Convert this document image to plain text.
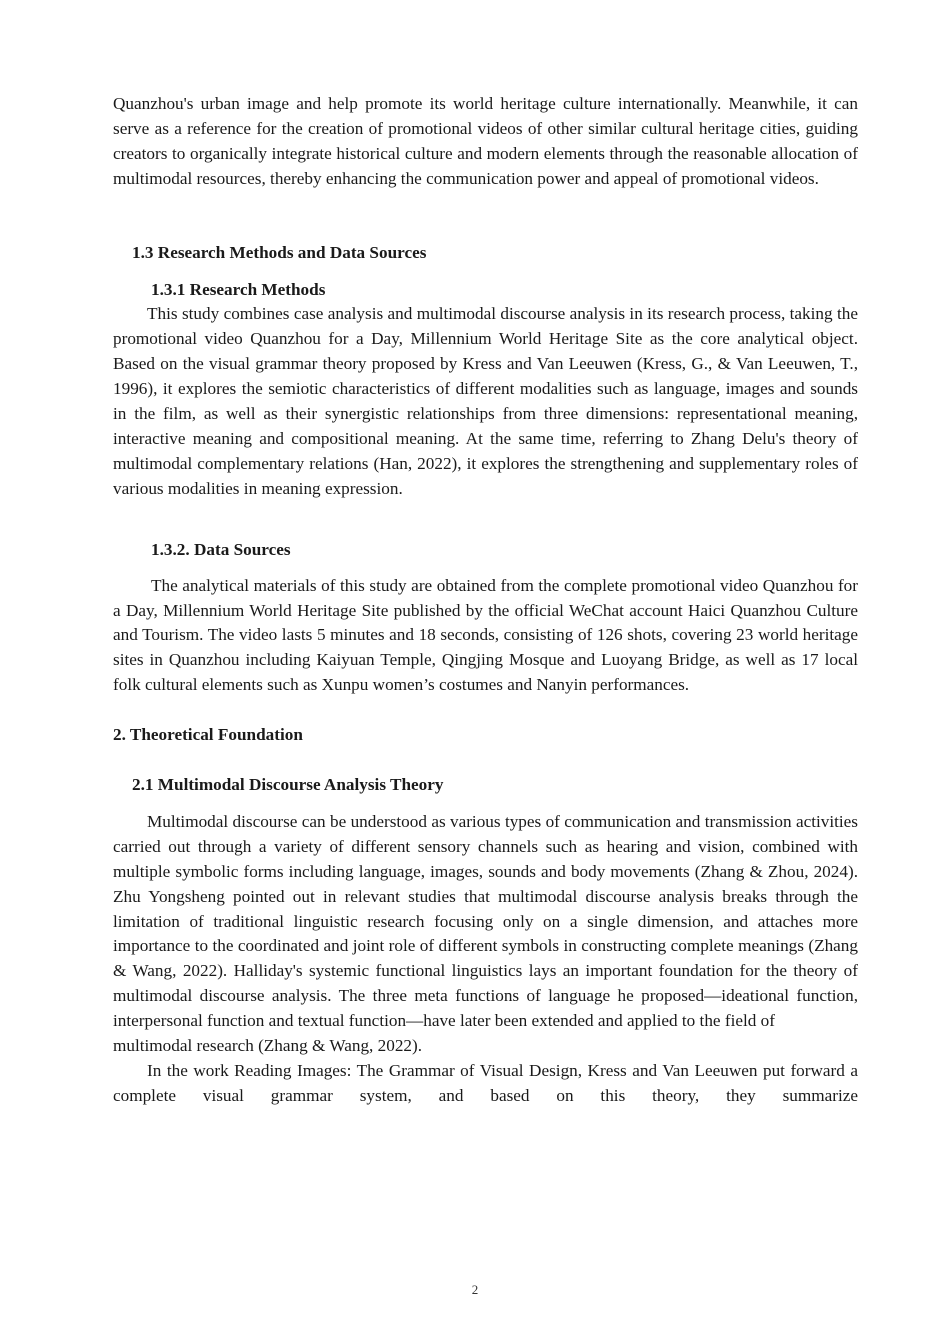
Quanzhou's urban image and help promote its world heritage culture internationally. Meanwhile, it can serve as a reference for the creation of promotional videos of other similar cultural heritage cities, guiding creators to organically integrate historical culture and modern elements through the reasonable allocation of multimodal resources, thereby enhancing the communication power and appeal of promotional videos.

1.3 Research Methods and Data Sources
1.3.1 Research Methods

This study combines case analysis and multimodal discourse analysis in its research process, taking the promotional video Quanzhou for a Day, Millennium World Heritage Site as the core analytical object. Based on the visual grammar theory proposed by Kress and Van Leeuwen (Kress, G., & Van Leeuwen, T., 1996), it explores the semiotic characteristics of different modalities such as language, images and sounds in the film, as well as their synergistic relationships from three dimensions: representational meaning, interactive meaning and compositional meaning. At the same time, referring to Zhang Delu's theory of multimodal complementary relations (Han, 2022), it explores the strengthening and supplementary roles of various modalities in meaning expression.

1.3.2. Data Sources

The analytical materials of this study are obtained from the complete promotional video Quanzhou for a Day, Millennium World Heritage Site published by the official WeChat account Haici Quanzhou Culture and Tourism. The video lasts 5 minutes and 18 seconds, consisting of 126 shots, covering 23 world heritage sites in Quanzhou including Kaiyuan Temple, Qingjing Mosque and Luoyang Bridge, as well as 17 local folk cultural elements such as Xunpu women’s costumes and Nanyin performances.

2. Theoretical Foundation
2.1 Multimodal Discourse Analysis Theory

Multimodal discourse can be understood as various types of communication and transmission activities carried out through a variety of different sensory channels such as hearing and vision, combined with multiple symbolic forms including language, images, sounds and body movements (Zhang & Zhou, 2024). Zhu Yongsheng pointed out in relevant studies that multimodal discourse analysis breaks through the limitation of traditional linguistic research focusing only on a single dimension, and attaches more importance to the coordinated and joint role of different symbols in constructing complete meanings (Zhang & Wang, 2022). Halliday's systemic functional linguistics lays an important foundation for the theory of multimodal discourse analysis. The three meta functions of language he proposed—ideational function, interpersonal function and textual function—have later been extended and applied to the field of

multimodal research (Zhang & Wang, 2022).

In the work Reading Images: The Grammar of Visual Design, Kress and Van Leeuwen put forward a complete visual grammar system, and based on this theory, they summarize

2
